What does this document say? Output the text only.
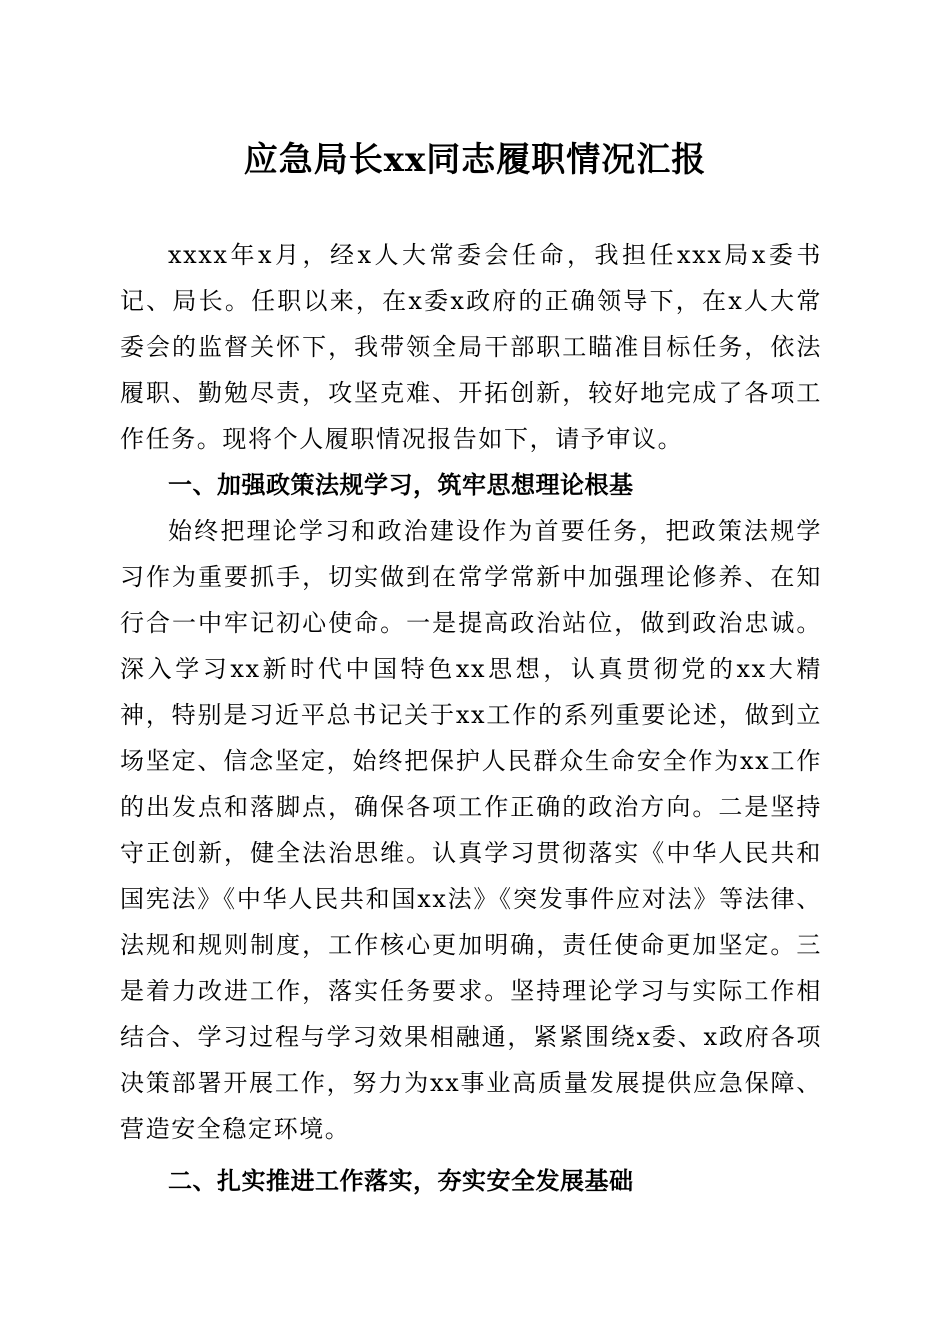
应急局长xx同志履职情况汇报

xxxx年x月，经x人大常委会任命，我担任xxx局x委书记、局长。任职以来，在x委x政府的正确领导下，在x人大常委会的监督关怀下，我带领全局干部职工瞄准目标任务，依法履职、勤勉尽责，攻坚克难、开拓创新，较好地完成了各项工作任务。现将个人履职情况报告如下，请予审议。

一、加强政策法规学习，筑牢思想理论根基

始终把理论学习和政治建设作为首要任务，把政策法规学习作为重要抓手，切实做到在常学常新中加强理论修养、在知行合一中牢记初心使命。一是提高政治站位，做到政治忠诚。深入学习xx新时代中国特色xx思想，认真贯彻党的xx大精神，特别是习近平总书记关于xx工作的系列重要论述，做到立场坚定、信念坚定，始终把保护人民群众生命安全作为xx工作的出发点和落脚点，确保各项工作正确的政治方向。二是坚持守正创新，健全法治思维。认真学习贯彻落实《中华人民共和国宪法》《中华人民共和国xx法》《突发事件应对法》等法律、法规和规则制度，工作核心更加明确，责任使命更加坚定。三是着力改进工作，落实任务要求。坚持理论学习与实际工作相结合、学习过程与学习效果相融通，紧紧围绕x委、x政府各项决策部署开展工作，努力为xx事业高质量发展提供应急保障、营造安全稳定环境。

二、扎实推进工作落实，夯实安全发展基础
